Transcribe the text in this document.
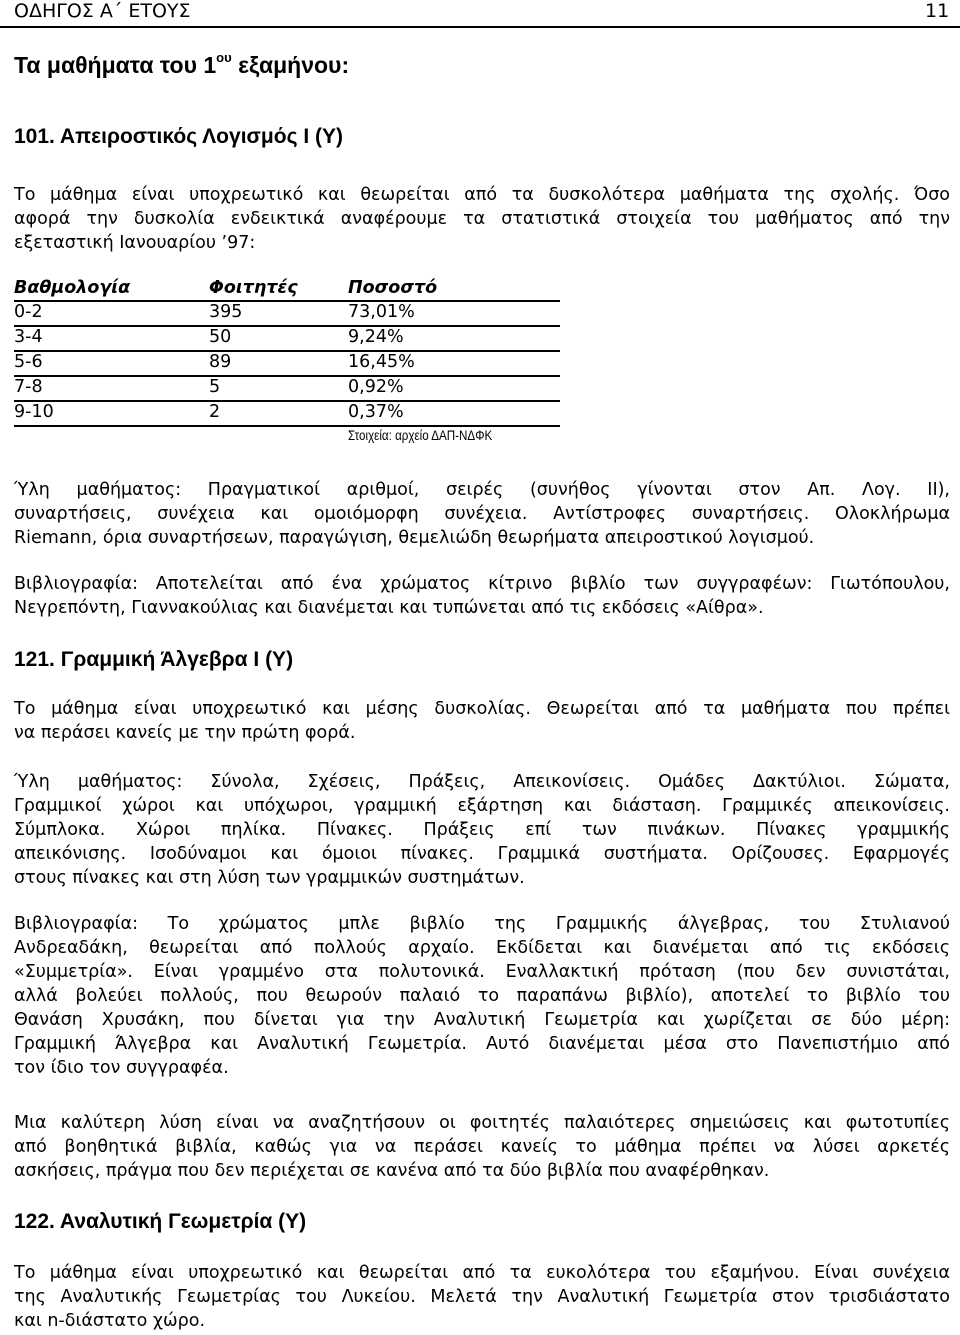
ΟΔΗΓΟΣ Α΄ ΕΤΟΥΣ	11
Τα μαθήματα του $1^{o\upsilon}$ εξαμήνου:
101. Απειροστικός Λογισμός Ι (Υ)
Το μάθημα είναι υποχρεωτικό και θεωρείται από τα δυσκολότερα μαθήματα της σχολής. Όσο
αφορά την δυσκολία ενδεικτικά αναφέρουμε τα στατιστικά στοιχεία του μαθήματος από την
εξεταστική Ιανουαρίου ’97:
Βαθμολογία	Φοιτητές	Ποσοστό
0-2	395	73,01%
3-4	50	9,24%
5-6	89	16,45%
7-8	5	0,92%
9-10	2	0,37%
Στοιχεία: αρχείο ΔΑΠ-ΝΔΦΚ
Ύλη μαθήματος: Πραγματικοί αριθμοί, σειρές (συνήθος γίνονται στον Απ. Λογ. ΙΙ),
συναρτήσεις, συνέχεια και ομοιόμορφη συνέχεια. Αντίστροφες συναρτήσεις. Ολοκλήρωμα
Riemann, όρια συναρτήσεων, παραγώγιση, θεμελιώδη θεωρήματα απειροστικού λογισμού.
Βιβλιογραφία: Αποτελείται από ένα χρώματος κίτρινο βιβλίο των συγγραφέων: Γιωτόπουλου,
Νεγρεπόντη, Γιαννακούλιας και διανέμεται και τυπώνεται από τις εκδόσεις «Αίθρα».
121. Γραμμική Άλγεβρα Ι (Υ)
Το μάθημα είναι υποχρεωτικό και μέσης δυσκολίας. Θεωρείται από τα μαθήματα που πρέπει
να περάσει κανείς με την πρώτη φορά.
Ύλη μαθήματος: Σύνολα, Σχέσεις, Πράξεις, Απεικονίσεις. Ομάδες Δακτύλιοι. Σώματα,
Γραμμικοί χώροι και υπόχωροι, γραμμική εξάρτηση και διάσταση. Γραμμικές απεικονίσεις.
Σύμπλοκα. Χώροι πηλίκα. Πίνακες. Πράξεις επί των πινάκων. Πίνακες γραμμικής
απεικόνισης. Ισοδύναμοι και όμοιοι πίνακες. Γραμμικά συστήματα. Ορίζουσες. Εφαρμογές
στους πίνακες και στη λύση των γραμμικών συστημάτων.
Βιβλιογραφία: Το χρώματος μπλε βιβλίο της Γραμμικής άλγεβρας, του Στυλιανού
Ανδρεαδάκη, θεωρείται από πολλούς αρχαίο. Εκδίδεται και διανέμεται από τις εκδόσεις
«Συμμετρία». Είναι γραμμένο στα πολυτονικά. Εναλλακτική πρόταση (που δεν συνιστάται,
αλλά βολεύει πολλούς, που θεωρούν παλαιό το παραπάνω βιβλίο), αποτελεί το βιβλίο του
Θανάση Χρυσάκη, που δίνεται για την Αναλυτική Γεωμετρία και χωρίζεται σε δύο μέρη:
Γραμμική Άλγεβρα και Αναλυτική Γεωμετρία. Αυτό διανέμεται μέσα στο Πανεπιστήμιο από
τον ίδιο τον συγγραφέα.
Μια καλύτερη λύση είναι να αναζητήσουν οι φοιτητές παλαιότερες σημειώσεις και φωτοτυπίες
από βοηθητικά βιβλία, καθώς για να περάσει κανείς το μάθημα πρέπει να λύσει αρκετές
ασκήσεις, πράγμα που δεν περιέχεται σε κανένα από τα δύο βιβλία που αναφέρθηκαν.
122. Αναλυτική Γεωμετρία (Υ)
Το μάθημα είναι υποχρεωτικό και θεωρείται από τα ευκολότερα του εξαμήνου. Είναι συνέχεια
της Αναλυτικής Γεωμετρίας του Λυκείου. Μελετά την Αναλυτική Γεωμετρία στον τρισδιάστατο
και n-διάστατο χώρο.
